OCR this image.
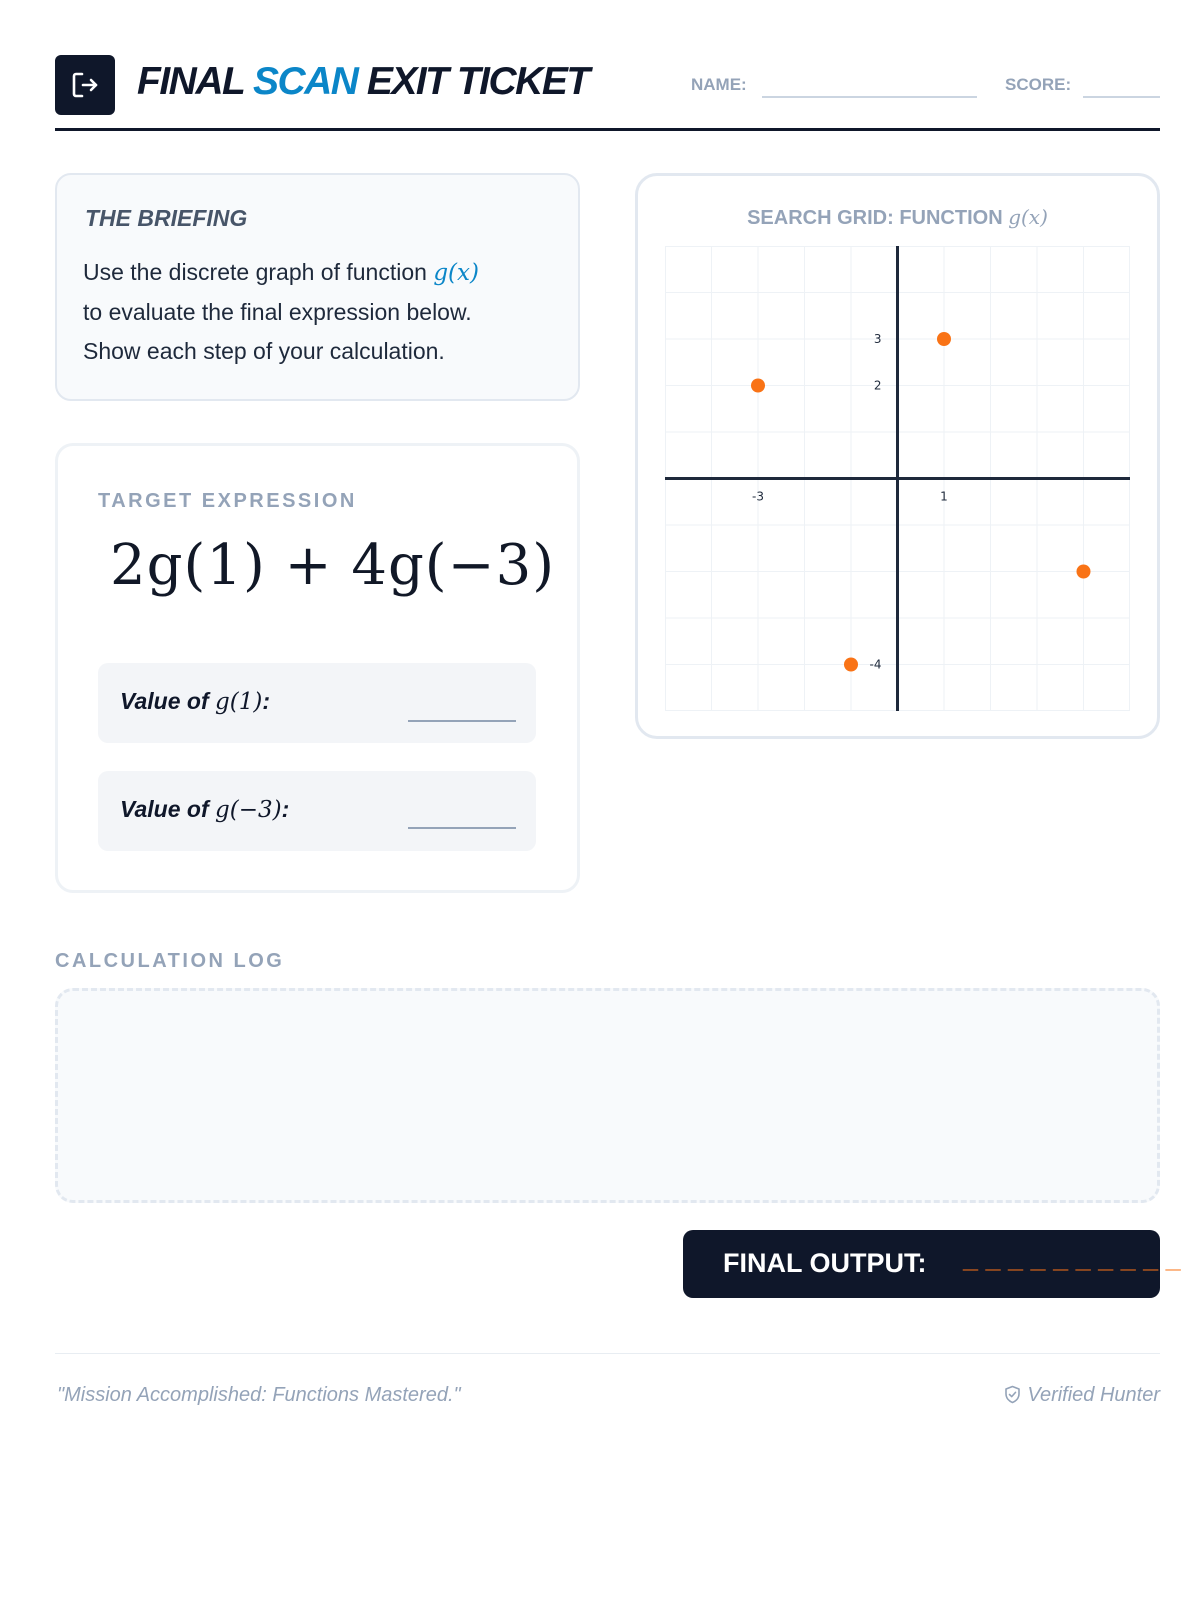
FINAL SCAN EXIT TICKET	NAME:	SCORE:
THE BRIEFING
Use the discrete graph of function g(x)
to evaluate the final expression below.
Show each step of your calculation.
TARGET EXPRESSION
2g(1) + 4g(−3)
Value of g(1):
Value of g(−3):
SEARCH GRID: FUNCTION g(x)
-3	1
3
2
-4
CALCULATION LOG
FINAL OUTPUT: _ _ _ _ _ _ _ _ _ _
"Mission Accomplished: Functions Mastered."	Verified Hunter
